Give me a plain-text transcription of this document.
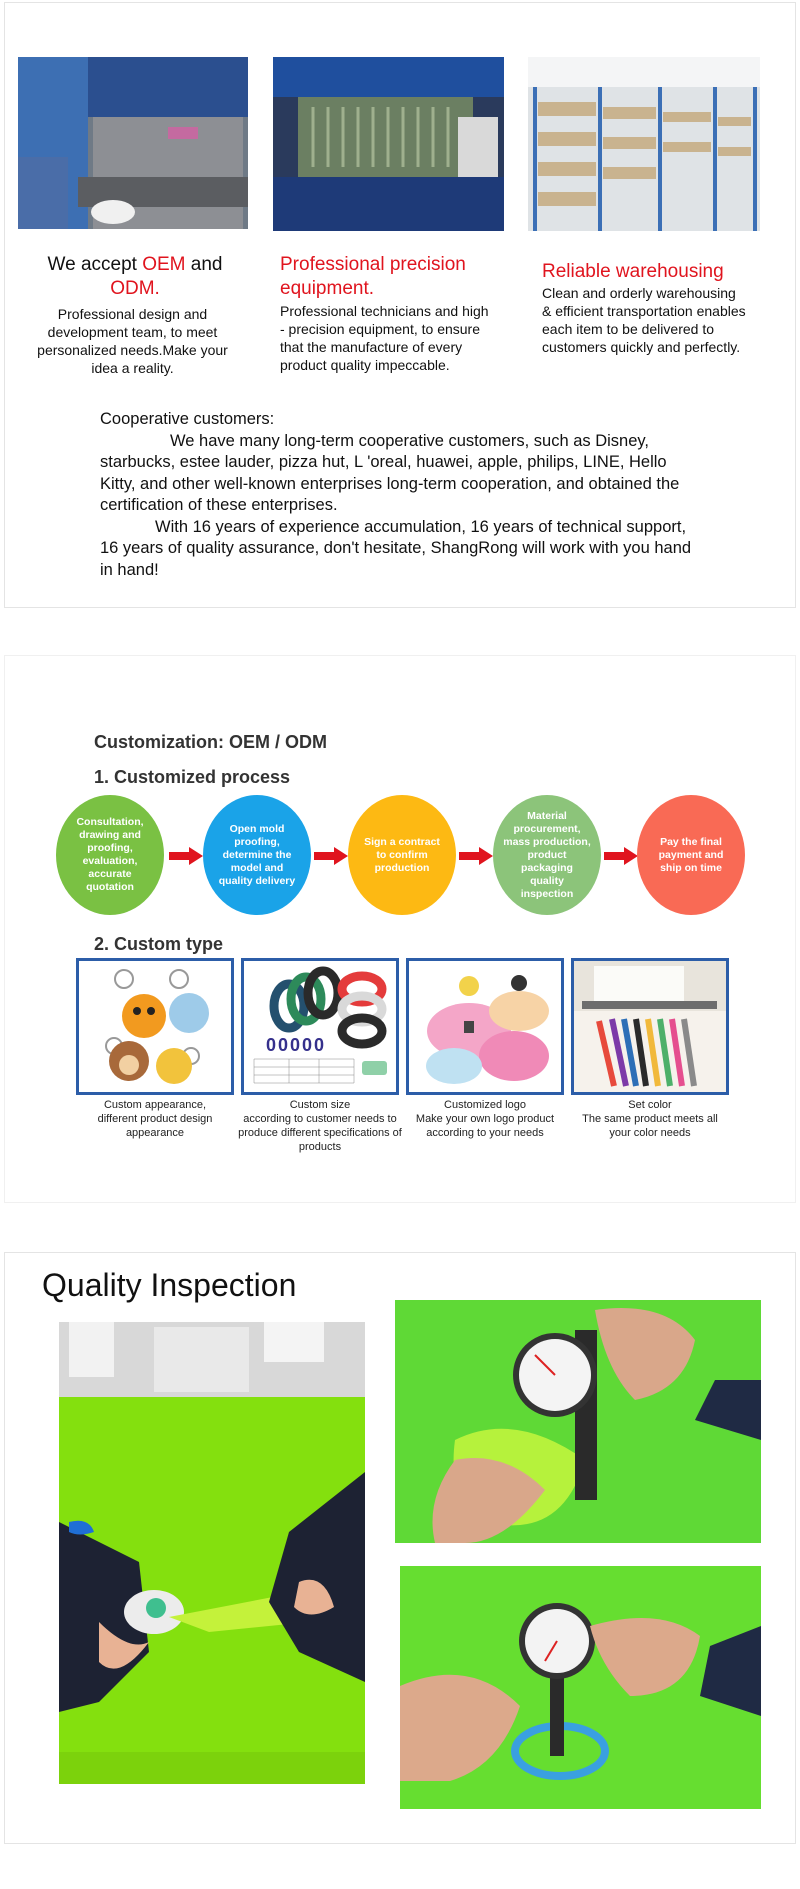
We accept OEM and
ODM.
Professional design and development team, to meet personalized needs.Make your idea a reality.
Professional precision equipment.
Professional technicians and high - precision equipment, to ensure that the manufacture of every product quality impeccable.
Reliable warehousing
Clean and orderly warehousing & efficient transportation enables each item to be delivered to customers quickly and perfectly.
Cooperative customers:
We have many long-term cooperative customers, such as Disney, starbucks, estee lauder, pizza hut, L 'oreal, huawei, apple, philips, LINE, Hello Kitty, and other well-known enterprises long-term cooperation, and obtained the certification of these enterprises.
With 16 years of experience accumulation, 16 years of technical support, 16 years of quality assurance, don't hesitate, ShangRong will work with you hand in hand!
Customization: OEM / ODM
1. Customized process
Consultation, drawing and proofing, evaluation, accurate quotation
Open mold proofing, determine the model and quality delivery
Sign a contract to confirm production
Material procurement, mass production, product packaging quality inspection
Pay the final payment and ship on time
2. Custom type
00000
Custom appearance,
different product design appearance
Custom size
according to customer needs to produce different specifications of products
Customized logo
Make your own logo product according to your needs
Set color
The same product meets all your color needs
Quality Inspection
